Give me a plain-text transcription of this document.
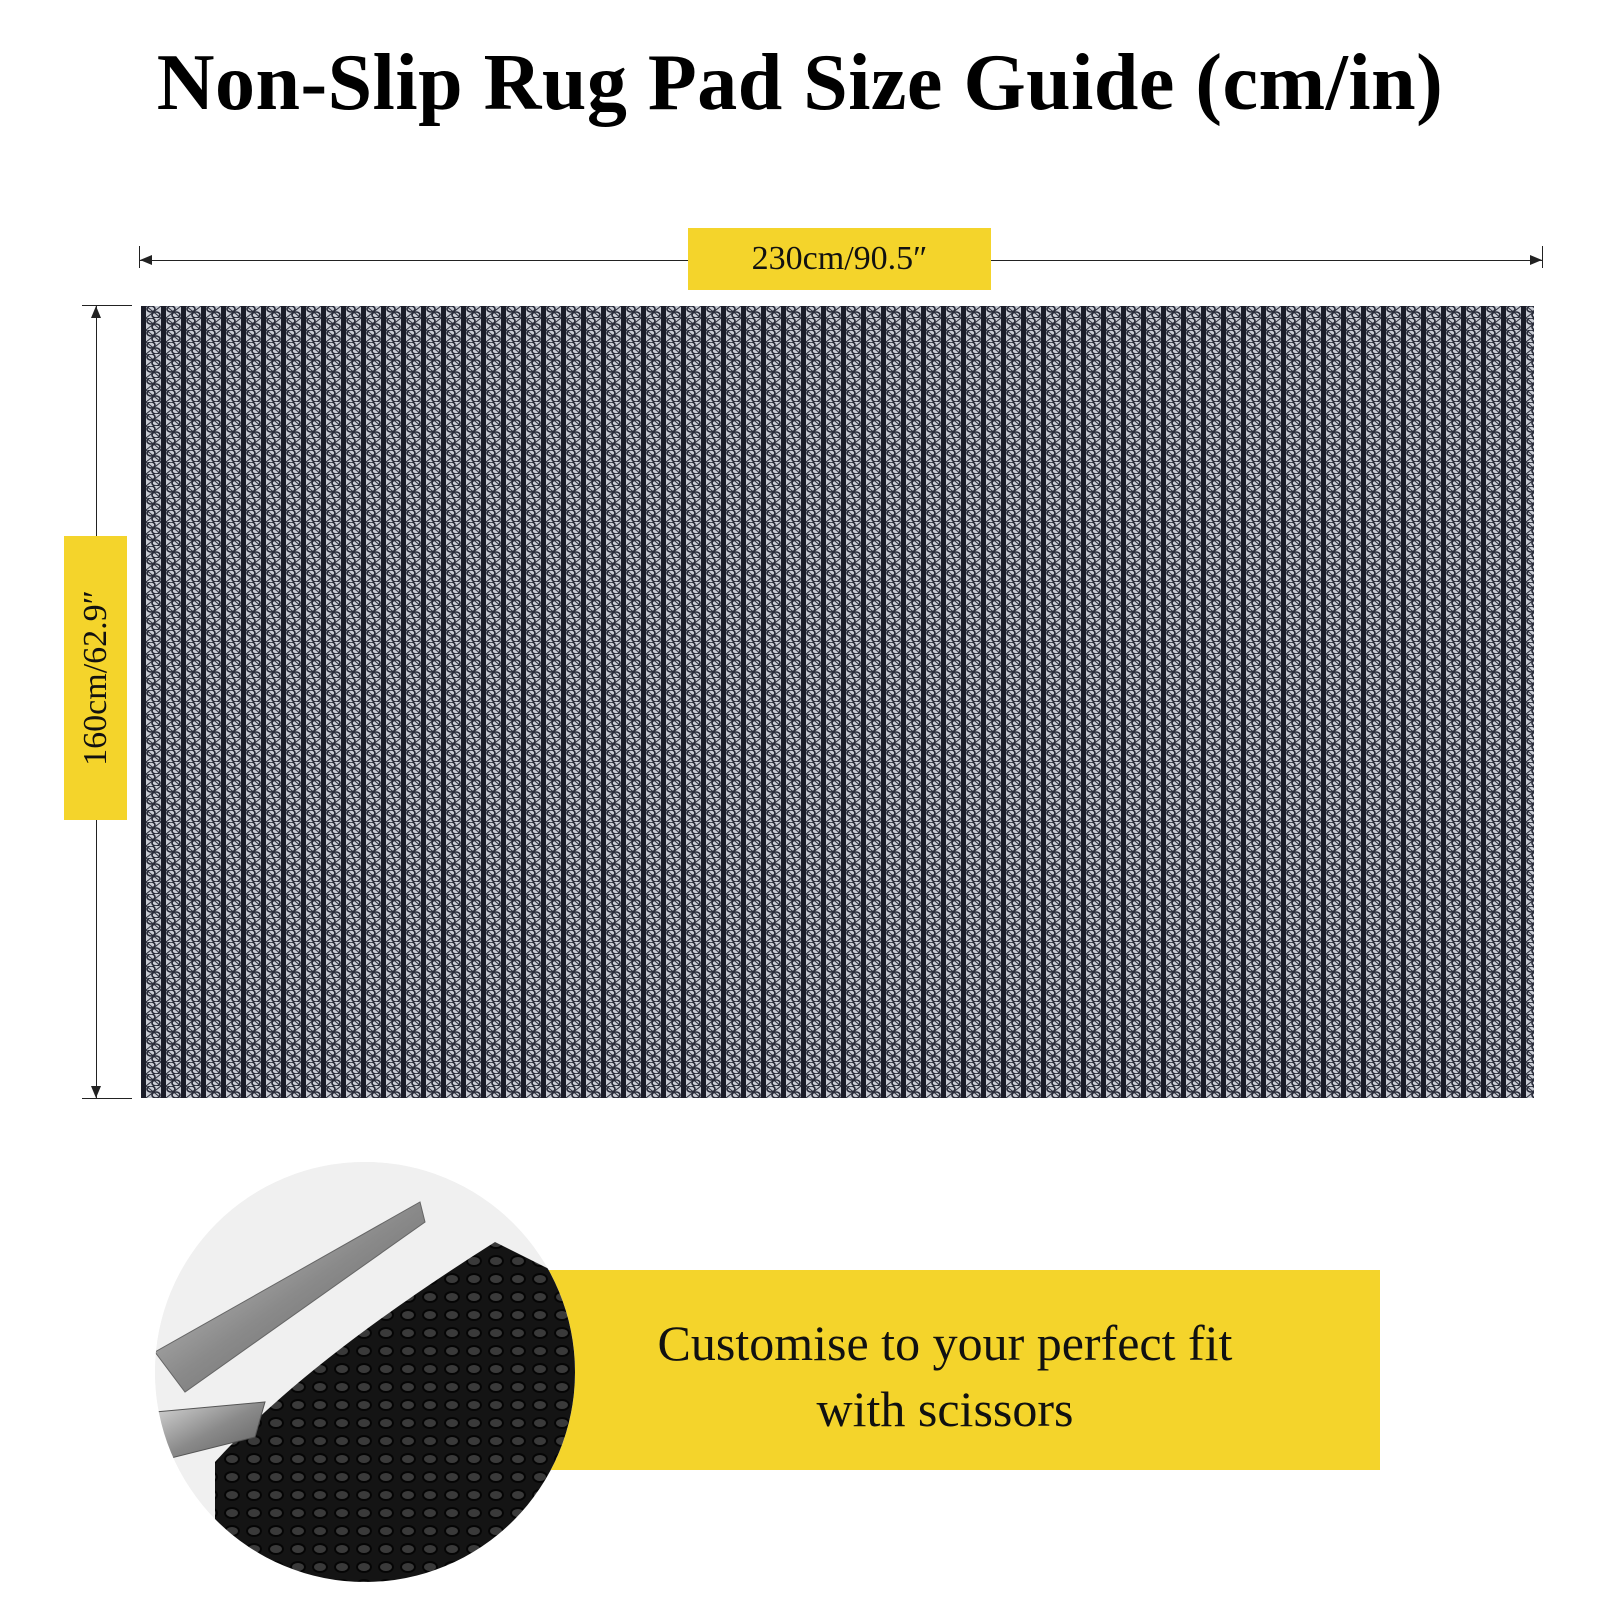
Non-Slip Rug Pad Size Guide (cm/in)
230cm/90.5″
160cm/62.9″
Customise to your perfect fit
with scissors
